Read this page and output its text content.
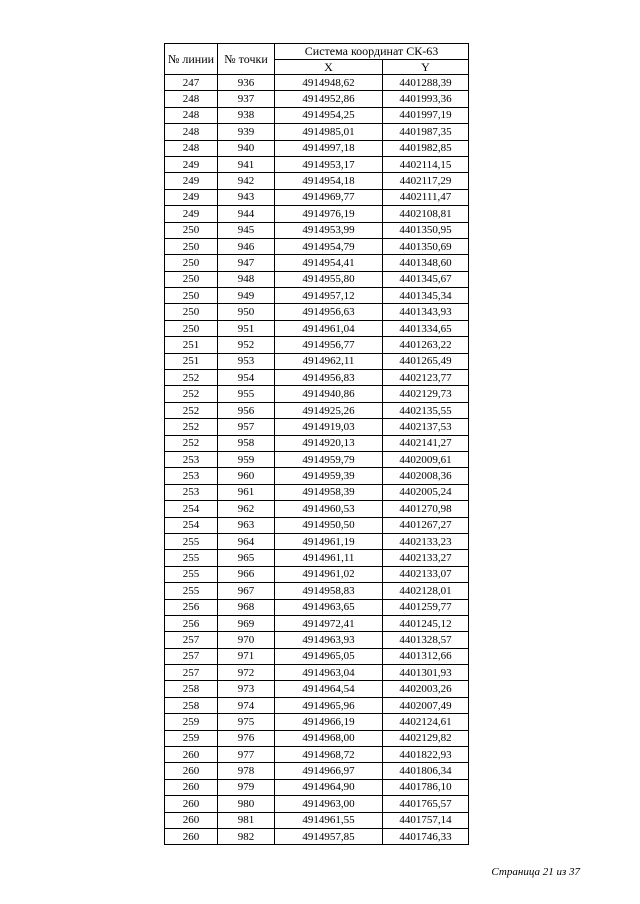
№ линии	№ точки	Система координат СК-63	
		X	Y
247	936	4914948,62	4401288,39
248	937	4914952,86	4401993,36
248	938	4914954,25	4401997,19
248	939	4914985,01	4401987,35
248	940	4914997,18	4401982,85
249	941	4914953,17	4402114,15
249	942	4914954,18	4402117,29
249	943	4914969,77	4402111,47
249	944	4914976,19	4402108,81
250	945	4914953,99	4401350,95
250	946	4914954,79	4401350,69
250	947	4914954,41	4401348,60
250	948	4914955,80	4401345,67
250	949	4914957,12	4401345,34
250	950	4914956,63	4401343,93
250	951	4914961,04	4401334,65
251	952	4914956,77	4401263,22
251	953	4914962,11	4401265,49
252	954	4914956,83	4402123,77
252	955	4914940,86	4402129,73
252	956	4914925,26	4402135,55
252	957	4914919,03	4402137,53
252	958	4914920,13	4402141,27
253	959	4914959,79	4402009,61
253	960	4914959,39	4402008,36
253	961	4914958,39	4402005,24
254	962	4914960,53	4401270,98
254	963	4914950,50	4401267,27
255	964	4914961,19	4402133,23
255	965	4914961,11	4402133,27
255	966	4914961,02	4402133,07
255	967	4914958,83	4402128,01
256	968	4914963,65	4401259,77
256	969	4914972,41	4401245,12
257	970	4914963,93	4401328,57
257	971	4914965,05	4401312,66
257	972	4914963,04	4401301,93
258	973	4914964,54	4402003,26
258	974	4914965,96	4402007,49
259	975	4914966,19	4402124,61
259	976	4914968,00	4402129,82
260	977	4914968,72	4401822,93
260	978	4914966,97	4401806,34
260	979	4914964,90	4401786,10
260	980	4914963,00	4401765,57
260	981	4914961,55	4401757,14
260	982	4914957,85	4401746,33
Страница 21 из 37
